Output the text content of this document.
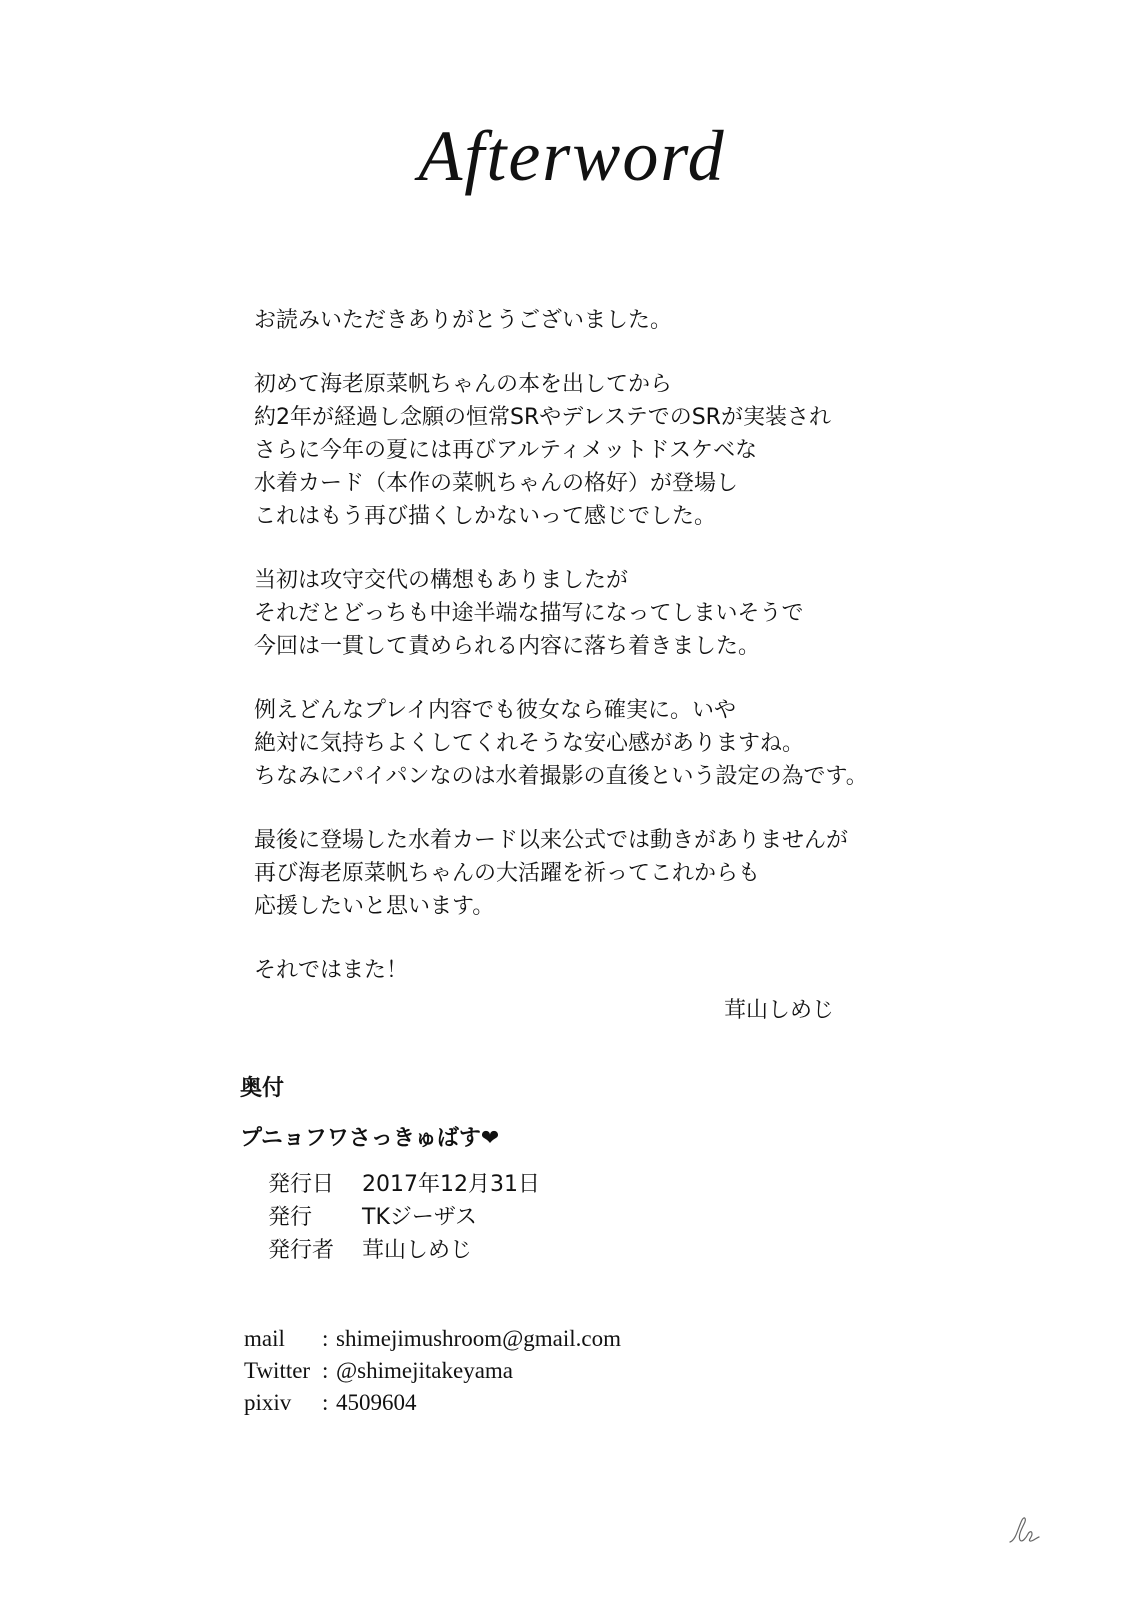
Afterword
お読みいただきありがとうございました。
初めて海老原菜帆ちゃんの本を出してから
約2年が経過し念願の恒常SRやデレステでのSRが実装され
さらに今年の夏には再びアルティメットドスケベな
水着カード（本作の菜帆ちゃんの格好）が登場し
これはもう再び描くしかないって感じでした。
当初は攻守交代の構想もありましたが
それだとどっちも中途半端な描写になってしまいそうで
今回は一貫して責められる内容に落ち着きました。
例えどんなプレイ内容でも彼女なら確実に。いや
絶対に気持ちよくしてくれそうな安心感がありますね。
ちなみにパイパンなのは水着撮影の直後という設定の為です。
最後に登場した水着カード以来公式では動きがありませんが
再び海老原菜帆ちゃんの大活躍を祈ってこれからも
応援したいと思います。
それではまた！
茸山しめじ
奥付
プニョフワさっきゅばす❤
発行日	2017年12月31日
発行	TKジーザス
発行者	茸山しめじ
mail	: shimejimushroom@gmail.com
Twitter : @shimejitakeyama
pixiv	: 4509604
